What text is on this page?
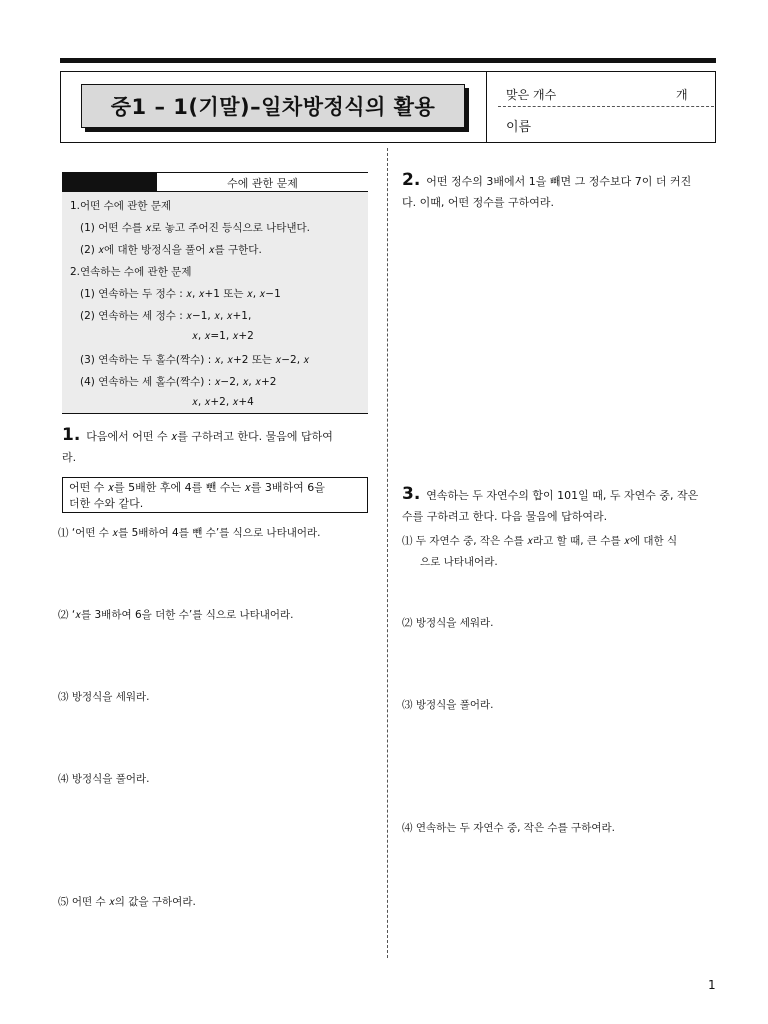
중1 – 1(기말)–일차방정식의 활용	맞은 개수	개
이름
수에 관한 문제
1.어떤 수에 관한 문제
(1) 어떤 수를 𝑥로 놓고 주어진 등식으로 나타낸다.
(2) 𝑥에 대한 방정식을 풀어 𝑥를 구한다.
2.연속하는 수에 관한 문제
(1) 연속하는 두 정수 : 𝑥, 𝑥+1 또는 𝑥, 𝑥−1
(2) 연속하는 세 정수 : 𝑥−1, 𝑥, 𝑥+1,
𝑥, 𝑥=1, 𝑥+2
(3) 연속하는 두 홀수(짝수) : 𝑥, 𝑥+2 또는 𝑥−2, 𝑥
(4) 연속하는 세 홀수(짝수) : 𝑥−2, 𝑥, 𝑥+2
𝑥, 𝑥+2, 𝑥+4
1. 다음에서 어떤 수 𝑥를 구하려고 한다. 물음에 답하여
라.
어떤 수 𝑥를 5배한 후에 4를 뺀 수는 𝑥를 3배하여 6을
더한 수와 같다.
⑴ ‘어떤 수 𝑥를 5배하여 4를 뺀 수’를 식으로 나타내어라.
⑵ ‘𝑥를 3배하여 6을 더한 수’를 식으로 나타내어라.
⑶ 방정식을 세워라.
⑷ 방정식을 풀어라.
⑸ 어떤 수 𝑥의 값을 구하여라.
2. 어떤 정수의 3배에서 1을 빼면 그 정수보다 7이 더 커진
다. 이때, 어떤 정수를 구하여라.
3. 연속하는 두 자연수의 합이 101일 때, 두 자연수 중, 작은
수를 구하려고 한다. 다음 물음에 답하여라.
⑴ 두 자연수 중, 작은 수를 𝑥라고 할 때, 큰 수를 𝑥에 대한 식
으로 나타내어라.
⑵ 방정식을 세워라.
⑶ 방정식을 풀어라.
⑷ 연속하는 두 자연수 중, 작은 수를 구하여라.
1
